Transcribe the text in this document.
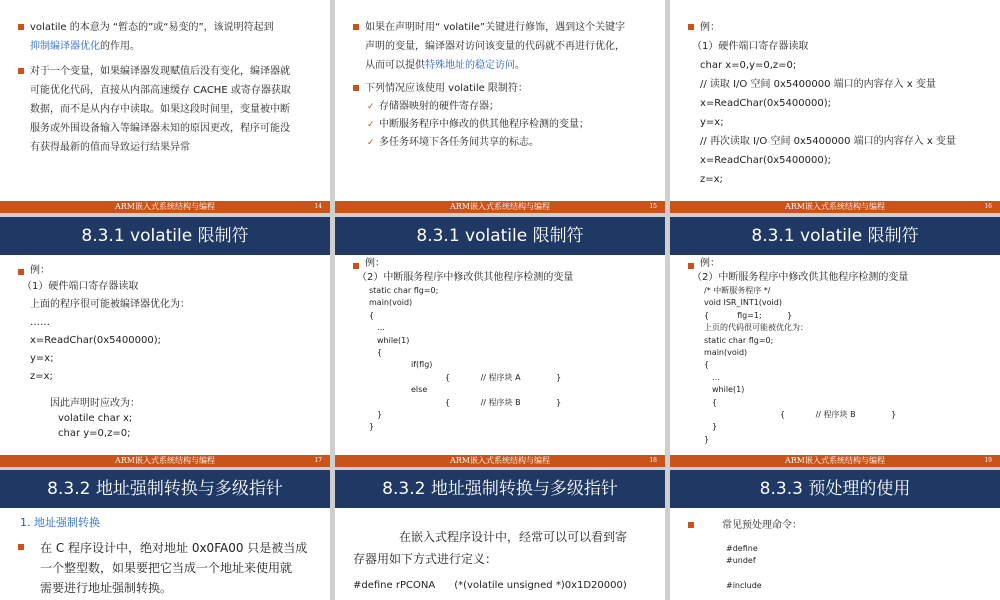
volatile 的本意为 “暂态的”或“易变的”，该说明符起到
抑制编译器优化的作用。
对于一个变量，如果编译器发现赋值后没有变化，编译器就
可能优化代码，直接从内部高速缓存 CACHE 或寄存器获取
数据，而不是从内存中读取。如果这段时间里，变量被中断
服务或外围设备输入等编译器未知的原因更改，程序可能没
有获得最新的值而导致运行结果异常
ARM嵌入式系统结构与编程	14
如果在声明时用“ volatile”关键进行修饰，遇到这个关键字
声明的变量，编译器对访问该变量的代码就不再进行优化，
从而可以提供特殊地址的稳定访问。
下列情况应该使用 volatile 限制符：
✓ 存储器映射的硬件寄存器；
✓ 中断服务程序中修改的供其他程序检测的变量；
✓ 多任务环境下各任务间共享的标志。
ARM嵌入式系统结构与编程	15
例：
（1）硬件端口寄存器读取
char x=0,y=0,z=0;
// 读取 I/O 空间 0x5400000 端口的内容存入 x 变量
x=ReadChar(0x5400000);
y=x;
// 再次读取 I/O 空间 0x5400000 端口的内容存入 x 变量
x=ReadChar(0x5400000);
z=x;
ARM嵌入式系统结构与编程	16
8.3.1 volatile 限制符
例：
（1）硬件端口寄存器读取
上面的程序很可能被编译器优化为：
……
x=ReadChar(0x5400000);
y=x;
z=x;
因此声明时应改为：
volatile char x;
char y=0,z=0;
ARM嵌入式系统结构与编程	17
8.3.1 volatile 限制符
例：
（2）中断服务程序中修改供其他程序检测的变量
static char flg=0;
main(void)
{
…
while(1)
{
if(flg)
{            // 程序块 A              }
else
{            // 程序块 B              }
}
}
ARM嵌入式系统结构与编程	18
8.3.1 volatile 限制符
例：
（2）中断服务程序中修改供其他程序检测的变量
/* 中断服务程序 */
void ISR_INT1(void)
{           flg=1;          }
上页的代码很可能被优化为：
static char flg=0;
main(void)
{
…
while(1)
{
{            // 程序块 B              }
}
}
ARM嵌入式系统结构与编程	19
8.3.2 地址强制转换与多级指针
1. 地址强制转换
在 C 程序设计中，绝对地址 0x0FA00 只是被当成
一个整型数，如果要把它当成一个地址来使用就
需要进行地址强制转换。
8.3.2 地址强制转换与多级指针
在嵌入式程序设计中，经常可以可以看到寄
存器用如下方式进行定义：
#define rPCONA      (*(volatile unsigned *)0x1D20000)
8.3.3 预处理的使用
常见预处理命令：
#define
#undef
#include
